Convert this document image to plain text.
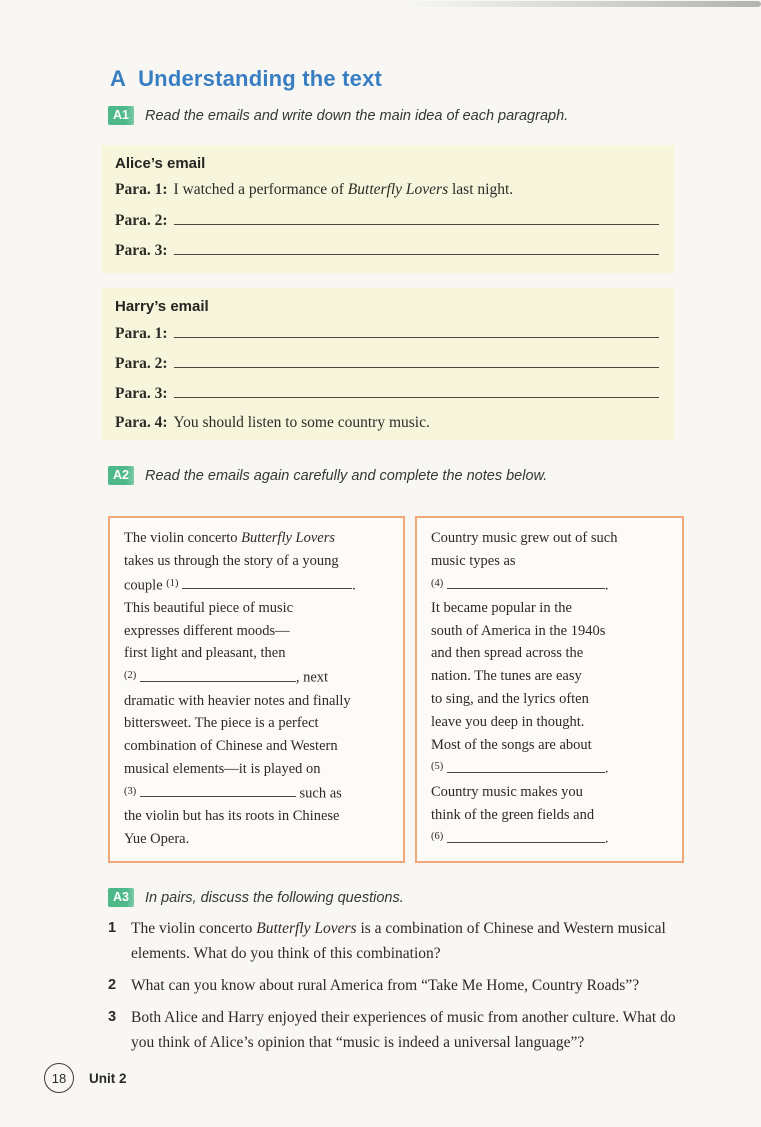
A Understanding the text
A1	Read the emails and write down the main idea of each paragraph.
Alice’s email
Para. 1: I watched a performance of Butterfly Lovers last night.
Para. 2:
Para. 3:
Harry’s email
Para. 1:
Para. 2:
Para. 3:
Para. 4: You should listen to some country music.
A2	Read the emails again carefully and complete the notes below.
The violin concerto Butterfly Lovers
takes us through the story of a young
couple $^{(1)}$	.
This beautiful piece of music
expresses different moods—
first light and pleasant, then
$^{(2)}$	, next
dramatic with heavier notes and finally
bittersweet. The piece is a perfect
combination of Chinese and Western
musical elements—it is played on
$^{(3)}$	such as
the violin but has its roots in Chinese
Yue Opera.
Country music grew out of such
music types as
$^{(4)}$	.
It became popular in the
south of America in the 1940s
and then spread across the
nation. The tunes are easy
to sing, and the lyrics often
leave you deep in thought.
Most of the songs are about
$^{(5)}$	.
Country music makes you
think of the green fields and
$^{(6)}$	.
A3	In pairs, discuss the following questions.
1 The violin concerto Butterfly Lovers is a combination of Chinese and Western musical elements. What do you think of this combination?
2 What can you know about rural America from “Take Me Home, Country Roads”?
3 Both Alice and Harry enjoyed their experiences of music from another culture. What do you think of Alice’s opinion that “music is indeed a universal language”?
18 Unit 2
